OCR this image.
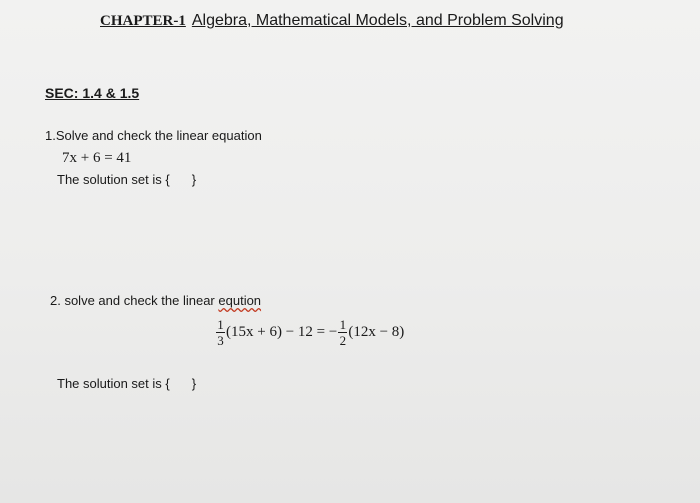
CHAPTER-1 Algebra, Mathematical Models, and Problem Solving
SEC: 1.4 & 1.5
1.Solve and check the linear equation
7x + 6 = 41
The solution set is { }
2. solve and check the linear eqution
$\frac{1}{3} (15x + 6) - 12$ = − $\frac{1}{2} (12x - 8)$
The solution set is { }
